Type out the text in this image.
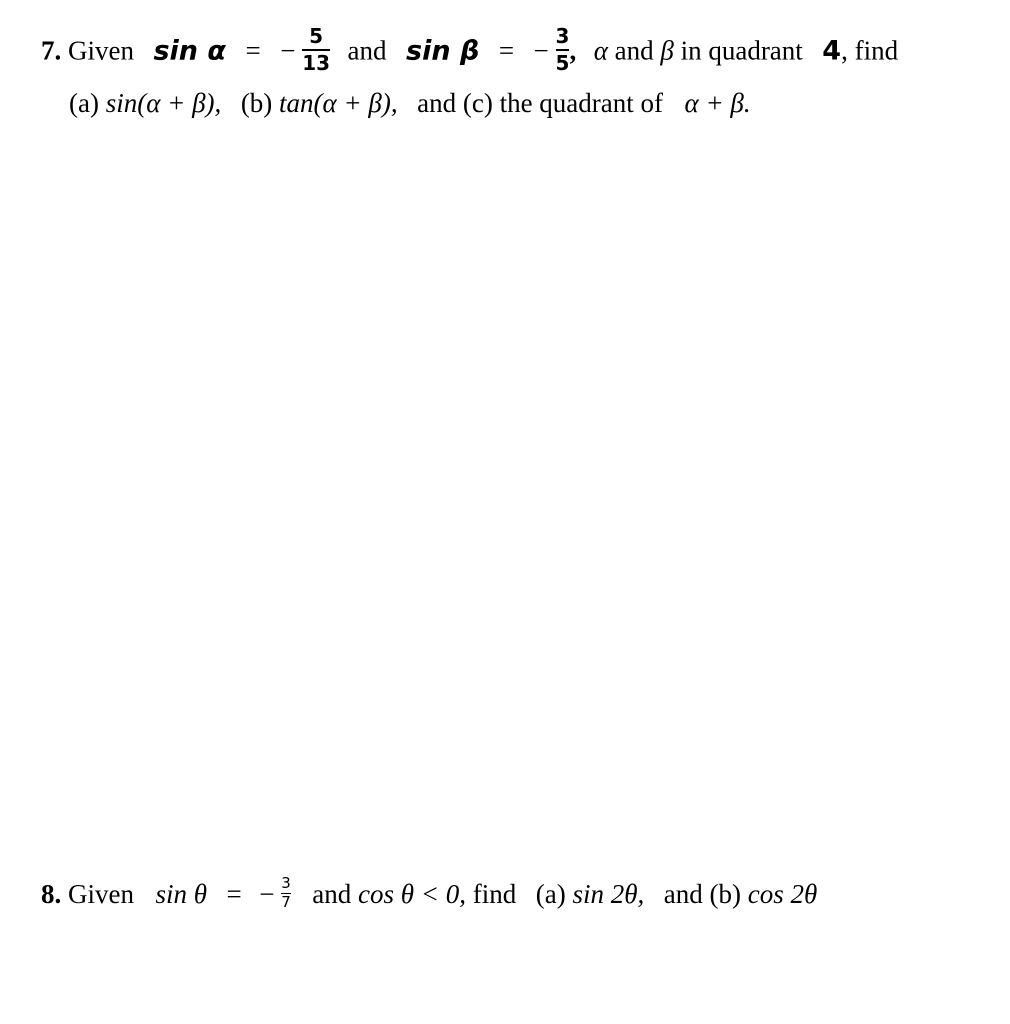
7. Given sin α = − $\frac{5}{13}$ and sin β = − $\frac{3}{5}$ , α and β in quadrant 4, find
(a) sin(α + β), (b) tan(α + β), and (c) the quadrant of α + β.
8. Given sin θ = − $\frac{3}{7}$ and cos θ < 0, find (a) sin 2θ, and (b) cos 2θ
